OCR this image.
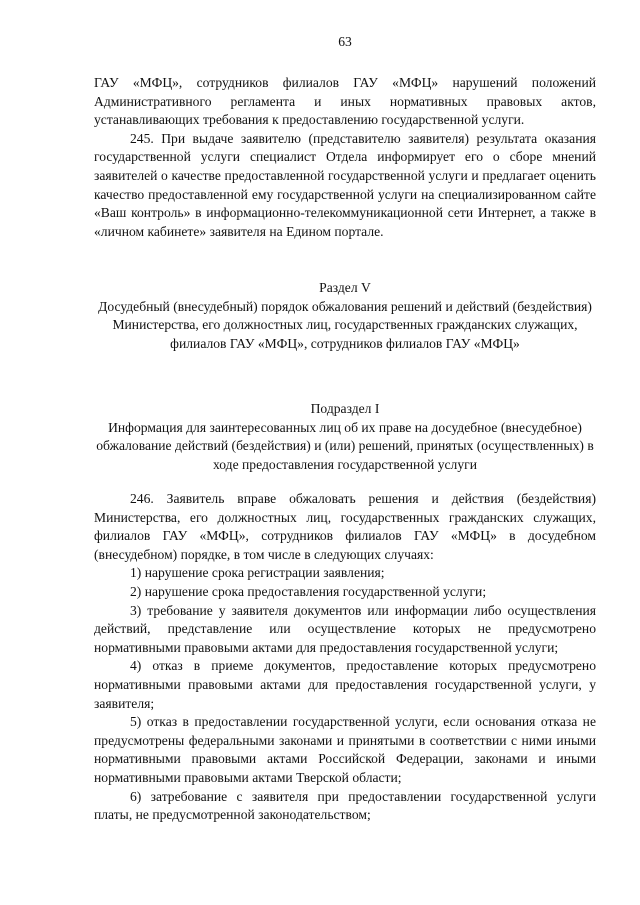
63

ГАУ «МФЦ», сотрудников филиалов ГАУ «МФЦ» нарушений положений Административного регламента и иных нормативных правовых актов, устанавливающих требования к предоставлению государственной услуги.

245. При выдаче заявителю (представителю заявителя) результата оказания государственной услуги специалист Отдела информирует его о сборе мнений заявителей о качестве предоставленной государственной услуги и предлагает оценить качество предоставленной ему государственной услуги на специализированном сайте «Ваш контроль» в информационно-телекоммуникационной сети Интернет, а также в «личном кабинете» заявителя на Едином портале.

Раздел V

Досудебный (внесудебный) порядок обжалования решений и действий (бездействия) Министерства, его должностных лиц, государственных гражданских служащих, филиалов ГАУ «МФЦ», сотрудников филиалов ГАУ «МФЦ»

Подраздел I

Информация для заинтересованных лиц об их праве на досудебное (внесудебное) обжалование действий (бездействия) и (или) решений, принятых (осуществленных) в ходе предоставления государственной услуги

246. Заявитель вправе обжаловать решения и действия (бездействия) Министерства, его должностных лиц, государственных гражданских служащих, филиалов ГАУ «МФЦ», сотрудников филиалов ГАУ «МФЦ» в досудебном (внесудебном) порядке, в том числе в следующих случаях:

1) нарушение срока регистрации заявления;

2) нарушение срока предоставления государственной услуги;

3) требование у заявителя документов или информации либо осуществления действий, представление или осуществление которых не предусмотрено нормативными правовыми актами для предоставления государственной услуги;

4) отказ в приеме документов, предоставление которых предусмотрено нормативными правовыми актами для предоставления государственной услуги, у заявителя;

5) отказ в предоставлении государственной услуги, если основания отказа не предусмотрены федеральными законами и принятыми в соответствии с ними иными нормативными правовыми актами Российской Федерации, законами и иными нормативными правовыми актами Тверской области;

6) затребование с заявителя при предоставлении государственной услуги платы, не предусмотренной законодательством;
